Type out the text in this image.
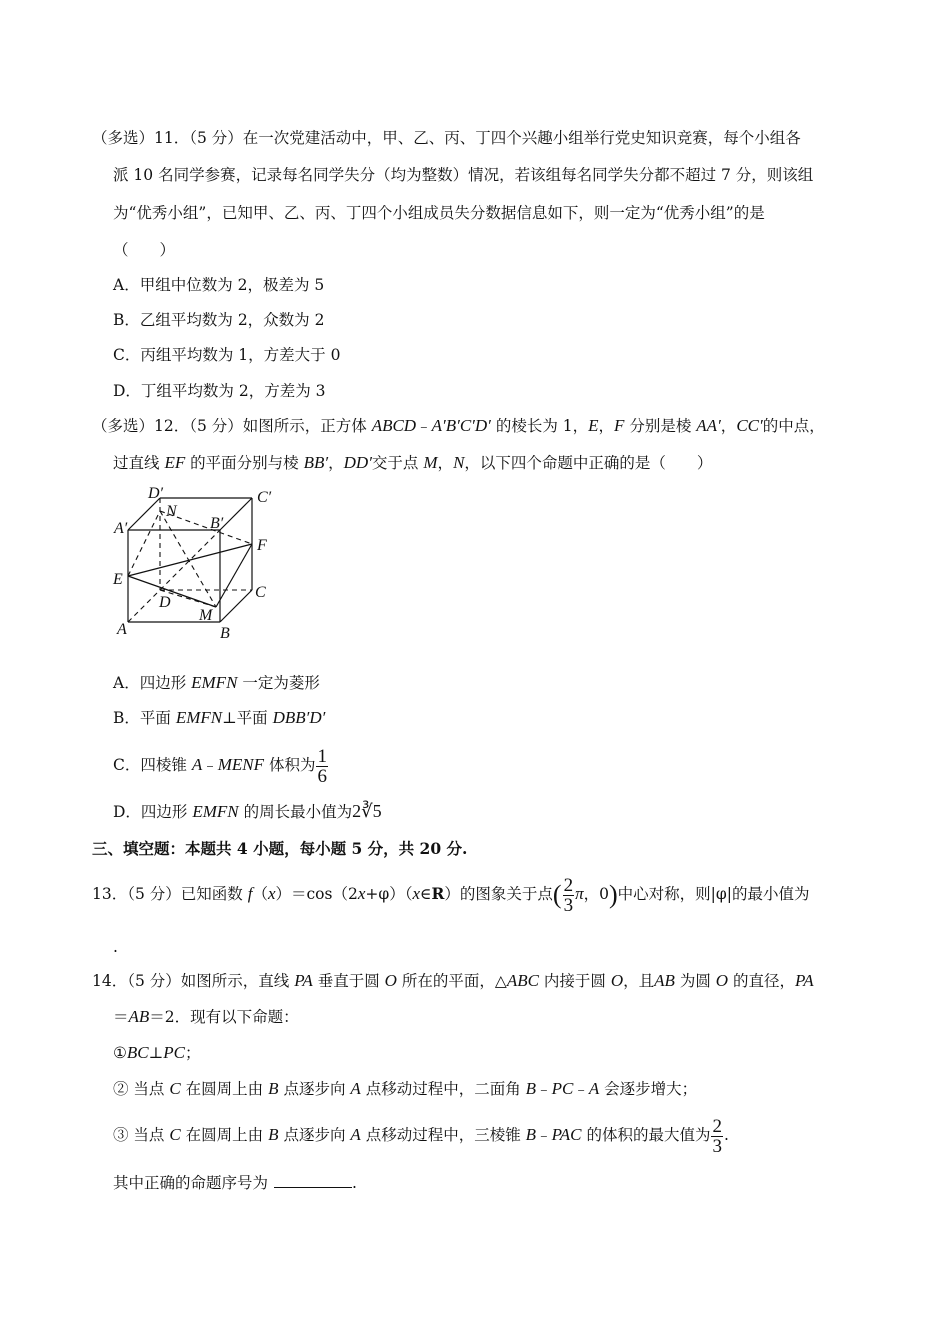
（多选）11．（5 分）在一次党建活动中，甲、乙、丙、丁四个兴趣小组举行党史知识竞赛，每个小组各
派 10 名同学参赛，记录每名同学失分（均为整数）情况，若该组每名同学失分都不超过 7 分，则该组
为“优秀小组”，已知甲、乙、丙、丁四个小组成员失分数据信息如下，则一定为“优秀小组”的是
（　　）
A．甲组中位数为 2，极差为 5
B．乙组平均数为 2，众数为 2
C．丙组平均数为 1，方差大于 0
D．丁组平均数为 2，方差为 3
（多选）12．（5 分）如图所示，正方体 ABCD﹣A′B′C′D′ 的棱长为 1，E，F 分别是棱 AA′，CC′的中点，
过直线 EF 的平面分别与棱 BB′，DD′交于点 M，N，以下四个命题中正确的是（　　）
D′	C′
A′
N
B′
F
E
C
D
M
A	B
A．四边形 EMFN 一定为菱形
B．平面 EMFN⊥平面 DBB′D′
C．四棱锥 A﹣MENF 体积为 $\frac{1}{6}$
D．四边形 EMFN 的周长最小值为2∛5
三、填空题：本题共 4 小题，每小题 5 分，共 20 分.
13．（5 分）已知函数 f（x）＝cos（2x+φ）（x∈R）的图象关于点( $\frac{2}{3}$ π，0)中心对称，则|φ|的最小值为
.
14．（5 分）如图所示，直线 PA 垂直于圆 O 所在的平面，△ABC 内接于圆 O，且AB 为圆 O 的直径，PA
＝AB＝2．现有以下命题：
①BC⊥PC；
② 当点 C 在圆周上由 B 点逐步向 A 点移动过程中，二面角 B﹣PC﹣A 会逐步增大；
③ 当点 C 在圆周上由 B 点逐步向 A 点移动过程中，三棱锥 B﹣PAC 的体积的最大值为 $\frac{2}{3}$ .
其中正确的命题序号为	.
